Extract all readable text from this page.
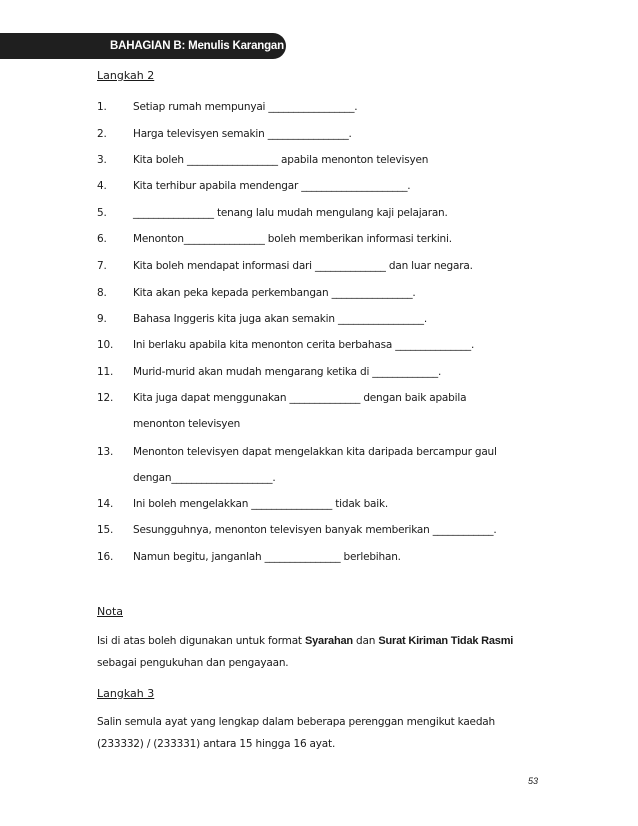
BAHAGIAN B: Menulis Karangan
Langkah 2
1.	Setiap rumah mempunyai _________________.
2.	Harga televisyen semakin ________________.
3.	Kita boleh __________________ apabila menonton televisyen
4.	Kita terhibur apabila mendengar _____________________.
5.	________________ tenang lalu mudah mengulang kaji pelajaran.
6.	Menonton________________ boleh memberikan informasi terkini.
7.	Kita boleh mendapat informasi dari ______________ dan luar negara.
8.	Kita akan peka kepada perkembangan ________________.
9.	Bahasa Inggeris kita juga akan semakin _________________.
10. Ini berlaku apabila kita menonton cerita berbahasa _______________.
11. Murid-murid akan mudah mengarang ketika di _____________.
12. Kita juga dapat menggunakan ______________ dengan baik apabila
menonton televisyen
13. Menonton televisyen dapat mengelakkan kita daripada bercampur gaul
dengan____________________.
14. Ini boleh mengelakkan ________________ tidak baik.
15. Sesungguhnya, menonton televisyen banyak memberikan ____________.
16. Namun begitu, janganlah _______________ berlebihan.
Nota
Isi di atas boleh digunakan untuk format Syarahan dan Surat Kiriman Tidak Rasmi
sebagai pengukuhan dan pengayaan.
Langkah 3
Salin semula ayat yang lengkap dalam beberapa perenggan mengikut kaedah
(233332) / (233331) antara 15 hingga 16 ayat.
53
